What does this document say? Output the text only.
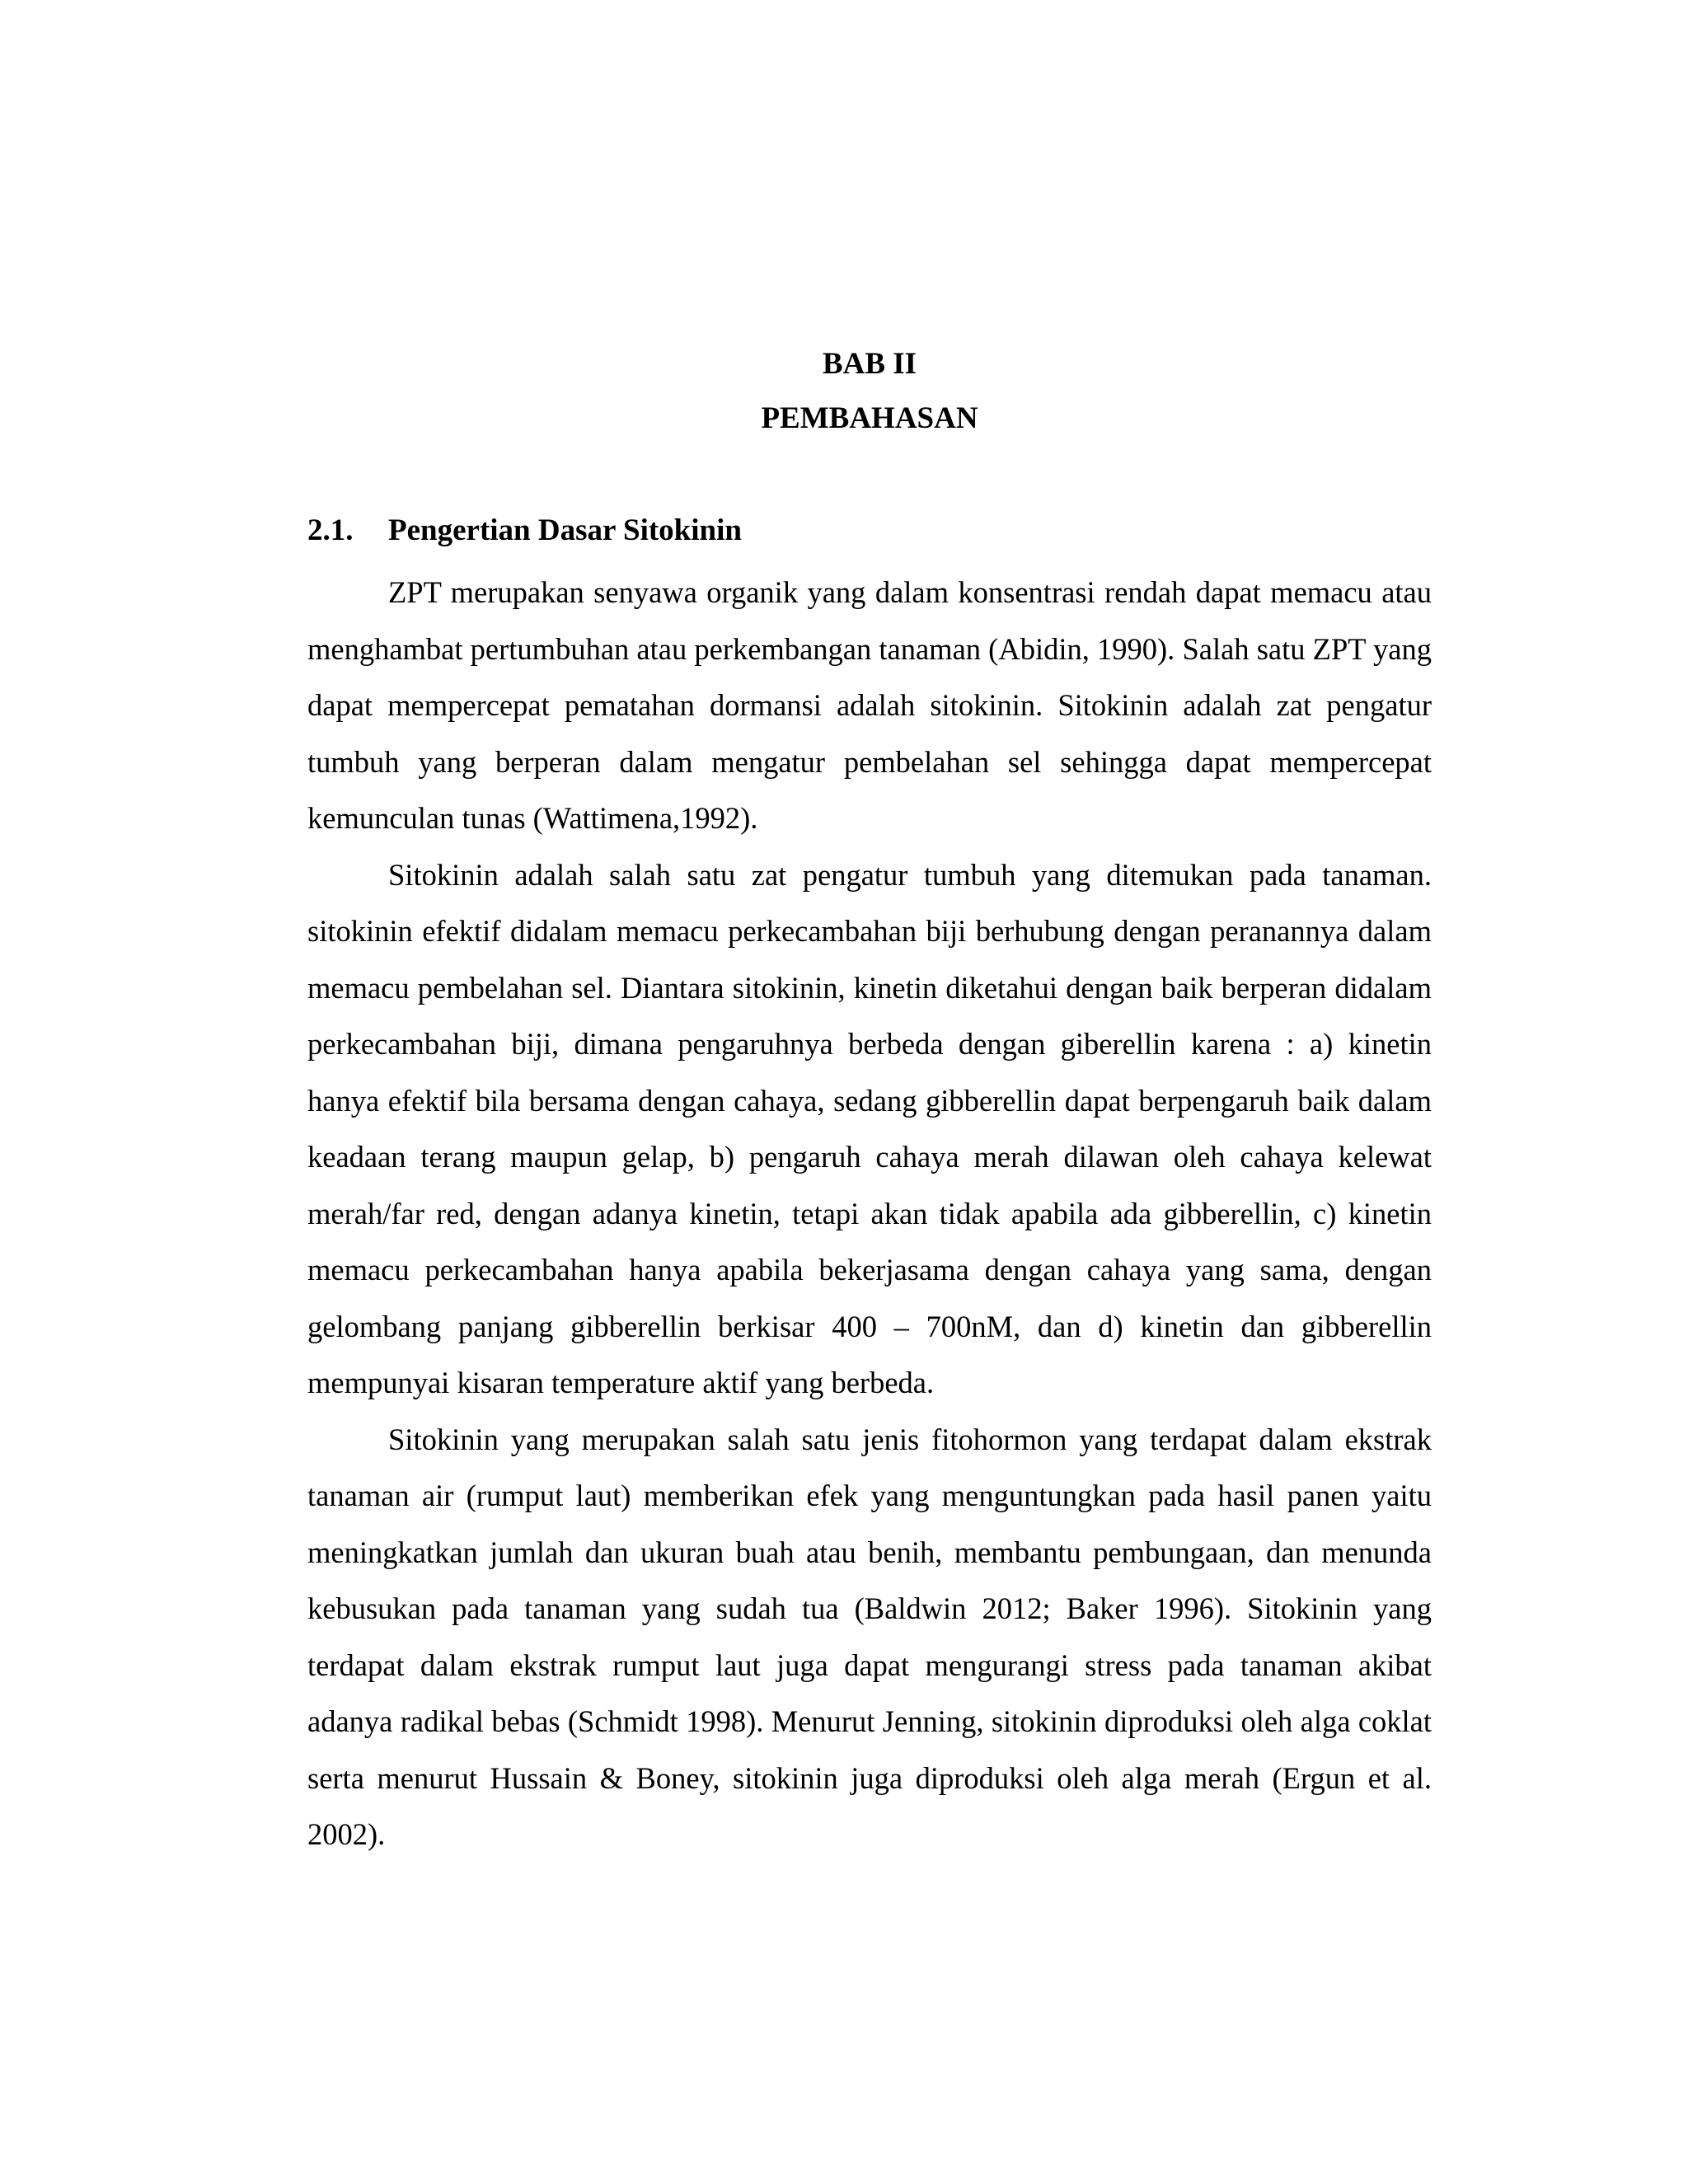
BAB II
PEMBAHASAN
2.1. Pengertian Dasar Sitokinin

ZPT merupakan senyawa organik yang dalam konsentrasi rendah dapat memacu atau menghambat pertumbuhan atau perkembangan tanaman (Abidin, 1990). Salah satu ZPT yang dapat mempercepat pematahan dormansi adalah sitokinin. Sitokinin adalah zat pengatur tumbuh yang berperan dalam mengatur pembelahan sel sehingga dapat mempercepat kemunculan tunas (Wattimena,1992).

Sitokinin adalah salah satu zat pengatur tumbuh yang ditemukan pada tanaman. sitokinin efektif didalam memacu perkecambahan biji berhubung dengan peranannya dalam memacu pembelahan sel. Diantara sitokinin, kinetin diketahui dengan baik berperan didalam perkecambahan biji, dimana pengaruhnya berbeda dengan giberellin karena : a) kinetin hanya efektif bila bersama dengan cahaya, sedang gibberellin dapat berpengaruh baik dalam keadaan terang maupun gelap, b) pengaruh cahaya merah dilawan oleh cahaya kelewat merah/far red, dengan adanya kinetin, tetapi akan tidak apabila ada gibberellin, c) kinetin memacu perkecambahan hanya apabila bekerjasama dengan cahaya yang sama, dengan gelombang panjang gibberellin berkisar 400 – 700nM, dan d) kinetin dan gibberellin mempunyai kisaran temperature aktif yang berbeda.

Sitokinin yang merupakan salah satu jenis fitohormon yang terdapat dalam ekstrak tanaman air (rumput laut) memberikan efek yang menguntungkan pada hasil panen yaitu meningkatkan jumlah dan ukuran buah atau benih, membantu pembungaan, dan menunda kebusukan pada tanaman yang sudah tua (Baldwin 2012; Baker 1996). Sitokinin yang terdapat dalam ekstrak rumput laut juga dapat mengurangi stress pada tanaman akibat adanya radikal bebas (Schmidt 1998). Menurut Jenning, sitokinin diproduksi oleh alga coklat serta menurut Hussain & Boney, sitokinin juga diproduksi oleh alga merah (Ergun et al. 2002).
